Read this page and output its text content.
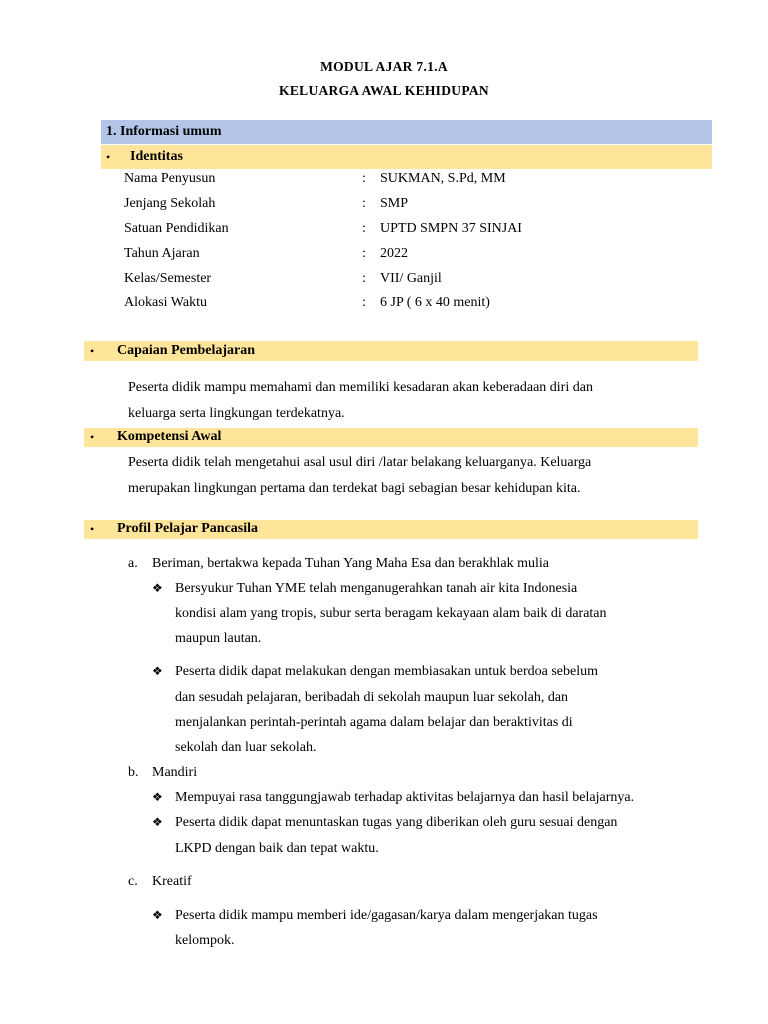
MODUL AJAR 7.1.A
KELUARGA AWAL KEHIDUPAN
1. Informasi umum
• Identitas
Nama Penyusun	: SUKMAN, S.Pd, MM
Jenjang Sekolah	: SMP
Satuan Pendidikan	: UPTD SMPN 37 SINJAI
Tahun Ajaran	: 2022
Kelas/Semester	: VII/ Ganjil
Alokasi Waktu	: 6 JP ( 6 x 40 menit)
• Capaian Pembelajaran
Peserta didik mampu memahami dan memiliki kesadaran akan keberadaan diri dan
keluarga serta lingkungan terdekatnya.
• Kompetensi Awal
Peserta didik telah mengetahui asal usul diri /latar belakang keluarganya. Keluarga
merupakan lingkungan pertama dan terdekat bagi sebagian besar kehidupan kita.
• Profil Pelajar Pancasila
a. Beriman, bertakwa kepada Tuhan Yang Maha Esa dan berakhlak mulia
❖ Bersyukur Tuhan YME telah menganugerahkan tanah air kita Indonesia
kondisi alam yang tropis, subur serta beragam kekayaan alam baik di daratan
maupun lautan.
❖ Peserta didik dapat melakukan dengan membiasakan untuk berdoa sebelum
dan sesudah pelajaran, beribadah di sekolah maupun luar sekolah, dan
menjalankan perintah-perintah agama dalam belajar dan beraktivitas di
sekolah dan luar sekolah.
b. Mandiri
❖ Mempuyai rasa tanggungjawab terhadap aktivitas belajarnya dan hasil belajarnya.
❖ Peserta didik dapat menuntaskan tugas yang diberikan oleh guru sesuai dengan
LKPD dengan baik dan tepat waktu.
c. Kreatif
❖ Peserta didik mampu memberi ide/gagasan/karya dalam mengerjakan tugas
kelompok.
